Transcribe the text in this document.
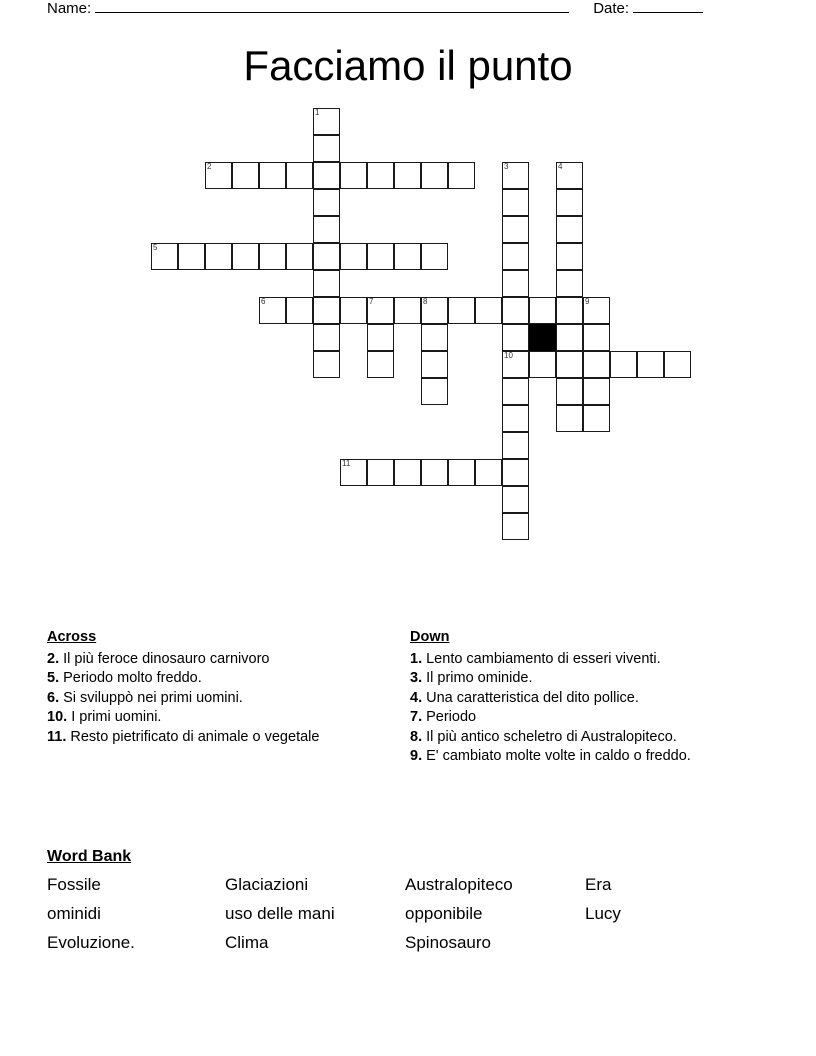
Name:	Date:
Facciamo il punto
1
2	3
10
4
5
6	7	8	9
11
Across

2. Il più feroce dinosauro carnivoro

5. Periodo molto freddo.

6. Si sviluppò nei primi uomini.

10. I primi uomini.

11. Resto pietrificato di animale o vegetale

Down

1. Lento cambiamento di esseri viventi.

3. Il primo ominide.

4. Una caratteristica del dito pollice.

7. Periodo

8. Il più antico scheletro di Australopiteco.

9. E' cambiato molte volte in caldo o freddo.

Word Bank
Fossile	Glaciazioni	Australopiteco	Era
ominidi	uso delle mani	opponibile	Lucy
Evoluzione.	Clima	Spinosauro
